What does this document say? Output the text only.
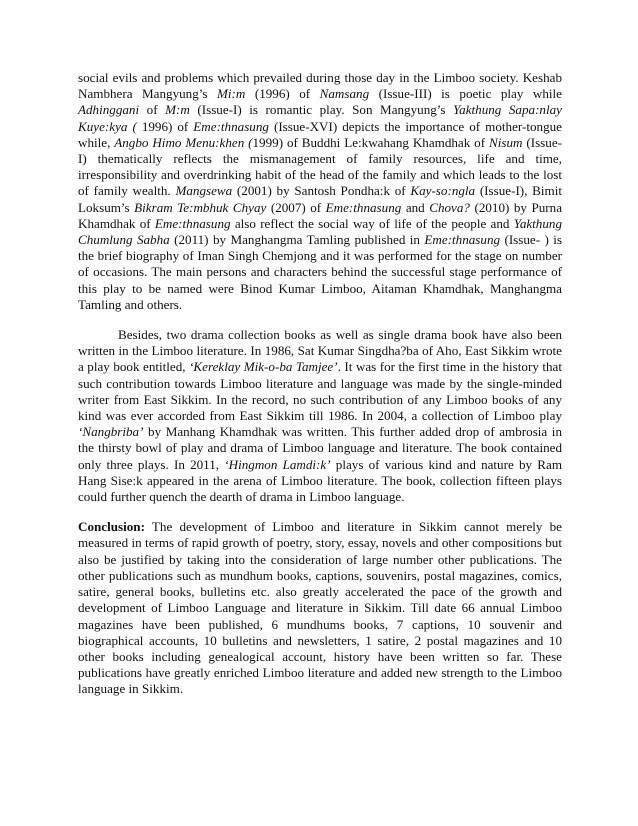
social evils and problems which prevailed during those day in the Limboo society. Keshab Nambhera Mangyung’s Mi:m (1996) of Namsang (Issue-III) is poetic play while Adhinggani of M:m (Issue-I) is romantic play. Son Mangyung’s Yakthung Sapa:nlay Kuye:kya ( 1996) of Eme:thnasung (Issue-XVI) depicts the importance of mother-tongue while, Angbo Himo Menu:khen (1999) of Buddhi Le:kwahang Khamdhak of Nisum (Issue-I) thematically reflects the mismanagement of family resources, life and time, irresponsibility and overdrinking habit of the head of the family and which leads to the lost of family wealth. Mangsewa (2001) by Santosh Pondha:k of Kay-so:ngla (Issue-I), Bimit Loksum’s Bikram Te:mbhuk Chyay (2007) of Eme:thnasung and Chova? (2010) by Purna Khamdhak of Eme:thnasung also reflect the social way of life of the people and Yakthung Chumlung Sabha (2011) by Manghangma Tamling published in Eme:thnasung (Issue- ) is the brief biography of Iman Singh Chemjong and it was performed for the stage on number of occasions. The main persons and characters behind the successful stage performance of this play to be named were Binod Kumar Limboo, Aitaman Khamdhak, Manghangma Tamling and others.

Besides, two drama collection books as well as single drama book have also been written in the Limboo literature. In 1986, Sat Kumar Singdha?ba of Aho, East Sikkim wrote a play book entitled, ‘Kereklay Mik-o-ba Tamjee’. It was for the first time in the history that such contribution towards Limboo literature and language was made by the single-minded writer from East Sikkim. In the record, no such contribution of any Limboo books of any kind was ever accorded from East Sikkim till 1986. In 2004, a collection of Limboo play ‘Nangbriba’ by Manhang Khamdhak was written. This further added drop of ambrosia in the thirsty bowl of play and drama of Limboo language and literature. The book contained only three plays. In 2011, ‘Hingmon Lamdi:k’ plays of various kind and nature by Ram Hang Sise:k appeared in the arena of Limboo literature. The book, collection fifteen plays could further quench the dearth of drama in Limboo language.

Conclusion: The development of Limboo and literature in Sikkim cannot merely be measured in terms of rapid growth of poetry, story, essay, novels and other compositions but also be justified by taking into the consideration of large number other publications. The other publications such as mundhum books, captions, souvenirs, postal magazines, comics, satire, general books, bulletins etc. also greatly accelerated the pace of the growth and development of Limboo Language and literature in Sikkim. Till date 66 annual Limboo magazines have been published, 6 mundhums books, 7 captions, 10 souvenir and biographical accounts, 10 bulletins and newsletters, 1 satire, 2 postal magazines and 10 other books including genealogical account, history have been written so far. These publications have greatly enriched Limboo literature and added new strength to the Limboo language in Sikkim.
